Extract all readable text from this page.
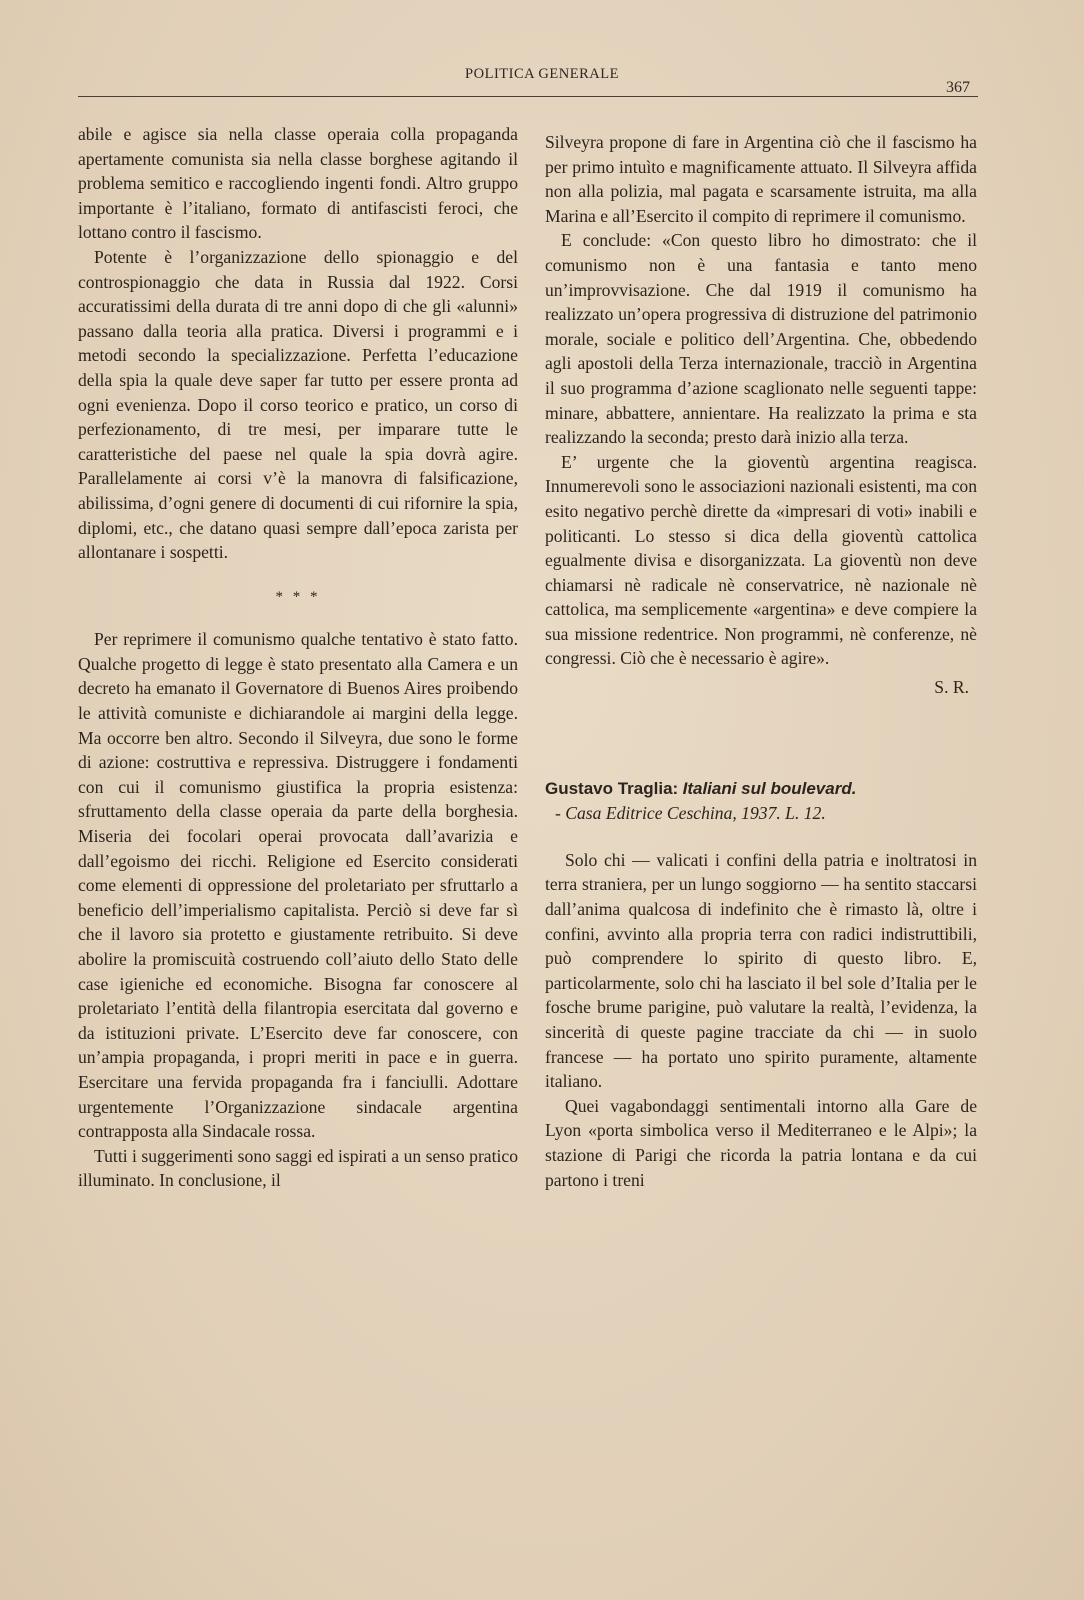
POLITICA GENERALE
367

abile e agisce sia nella classe operaia colla propaganda apertamente comunista sia nella classe borghese agitando il problema semitico e raccogliendo ingenti fondi. Altro gruppo importante è l’italiano, formato di antifascisti feroci, che lottano contro il fascismo.

Potente è l’organizzazione dello spionaggio e del controspionaggio che data in Russia dal 1922. Corsi accuratissimi della durata di tre anni dopo di che gli «alunni» passano dalla teoria alla pratica. Diversi i programmi e i metodi secondo la specializzazione. Perfetta l’educazione della spia la quale deve saper far tutto per essere pronta ad ogni evenienza. Dopo il corso teorico e pratico, un corso di perfezionamento, di tre mesi, per imparare tutte le caratteristiche del paese nel quale la spia dovrà agire. Parallelamente ai corsi v’è la manovra di falsificazione, abilissima, d’ogni genere di documenti di cui rifornire la spia, diplomi, etc., che datano quasi sempre dall’epoca zarista per allontanare i sospetti.

* * *

Per reprimere il comunismo qualche tentativo è stato fatto. Qualche progetto di legge è stato presentato alla Camera e un decreto ha emanato il Governatore di Buenos Aires proibendo le attività comuniste e dichiarandole ai margini della legge. Ma occorre ben altro. Secondo il Silveyra, due sono le forme di azione: costruttiva e repressiva. Distruggere i fondamenti con cui il comunismo giustifica la propria esistenza: sfruttamento della classe operaia da parte della borghesia. Miseria dei focolari operai provocata dall’avarizia e dall’egoismo dei ricchi. Religione ed Esercito considerati come elementi di oppressione del proletariato per sfruttarlo a beneficio dell’imperialismo capitalista. Perciò si deve far sì che il lavoro sia protetto e giustamente retribuito. Si deve abolire la promiscuità costruendo coll’aiuto dello Stato delle case igieniche ed economiche. Bisogna far conoscere al proletariato l’entità della filantropia esercitata dal governo e da istituzioni private. L’Esercito deve far conoscere, con un’ampia propaganda, i propri meriti in pace e in guerra. Esercitare una fervida propaganda fra i fanciulli. Adottare urgentemente l’Organizzazione sindacale argentina contrapposta alla Sindacale rossa.

Tutti i suggerimenti sono saggi ed ispirati a un senso pratico illuminato. In conclusione, il

Silveyra propone di fare in Argentina ciò che il fascismo ha per primo intuìto e magnificamente attuato. Il Silveyra affida non alla polizia, mal pagata e scarsamente istruita, ma alla Marina e all’Esercito il compito di reprimere il comunismo.

E conclude: «Con questo libro ho dimostrato: che il comunismo non è una fantasia e tanto meno un’improvvisazione. Che dal 1919 il comunismo ha realizzato un’opera progressiva di distruzione del patrimonio morale, sociale e politico dell’Argentina. Che, obbedendo agli apostoli della Terza internazionale, tracciò in Argentina il suo programma d’azione scaglionato nelle seguenti tappe: minare, abbattere, annientare. Ha realizzato la prima e sta realizzando la seconda; presto darà inizio alla terza.

E’ urgente che la gioventù argentina reagisca. Innumerevoli sono le associazioni nazionali esistenti, ma con esito negativo perchè dirette da «impresari di voti» inabili e politicanti. Lo stesso si dica della gioventù cattolica egualmente divisa e disorganizzata. La gioventù non deve chiamarsi nè radicale nè conservatrice, nè nazionale nè cattolica, ma semplicemente «argentina» e deve compiere la sua missione redentrice. Non programmi, nè conferenze, nè congressi. Ciò che è necessario è agire».

S. R.
Gustavo Traglia: Italiani sul boulevard.
- Casa Editrice Ceschina, 1937. L. 12.

Solo chi — valicati i confini della patria e inoltratosi in terra straniera, per un lungo soggiorno — ha sentito staccarsi dall’anima qualcosa di indefinito che è rimasto là, oltre i confini, avvinto alla propria terra con radici indistruttibili, può comprendere lo spirito di questo libro. E, particolarmente, solo chi ha lasciato il bel sole d’Italia per le fosche brume parigine, può valutare la realtà, l’evidenza, la sincerità di queste pagine tracciate da chi — in suolo francese — ha portato uno spirito puramente, altamente italiano.

Quei vagabondaggi sentimentali intorno alla Gare de Lyon «porta simbolica verso il Mediterraneo e le Alpi»; la stazione di Parigi che ricorda la patria lontana e da cui partono i treni
